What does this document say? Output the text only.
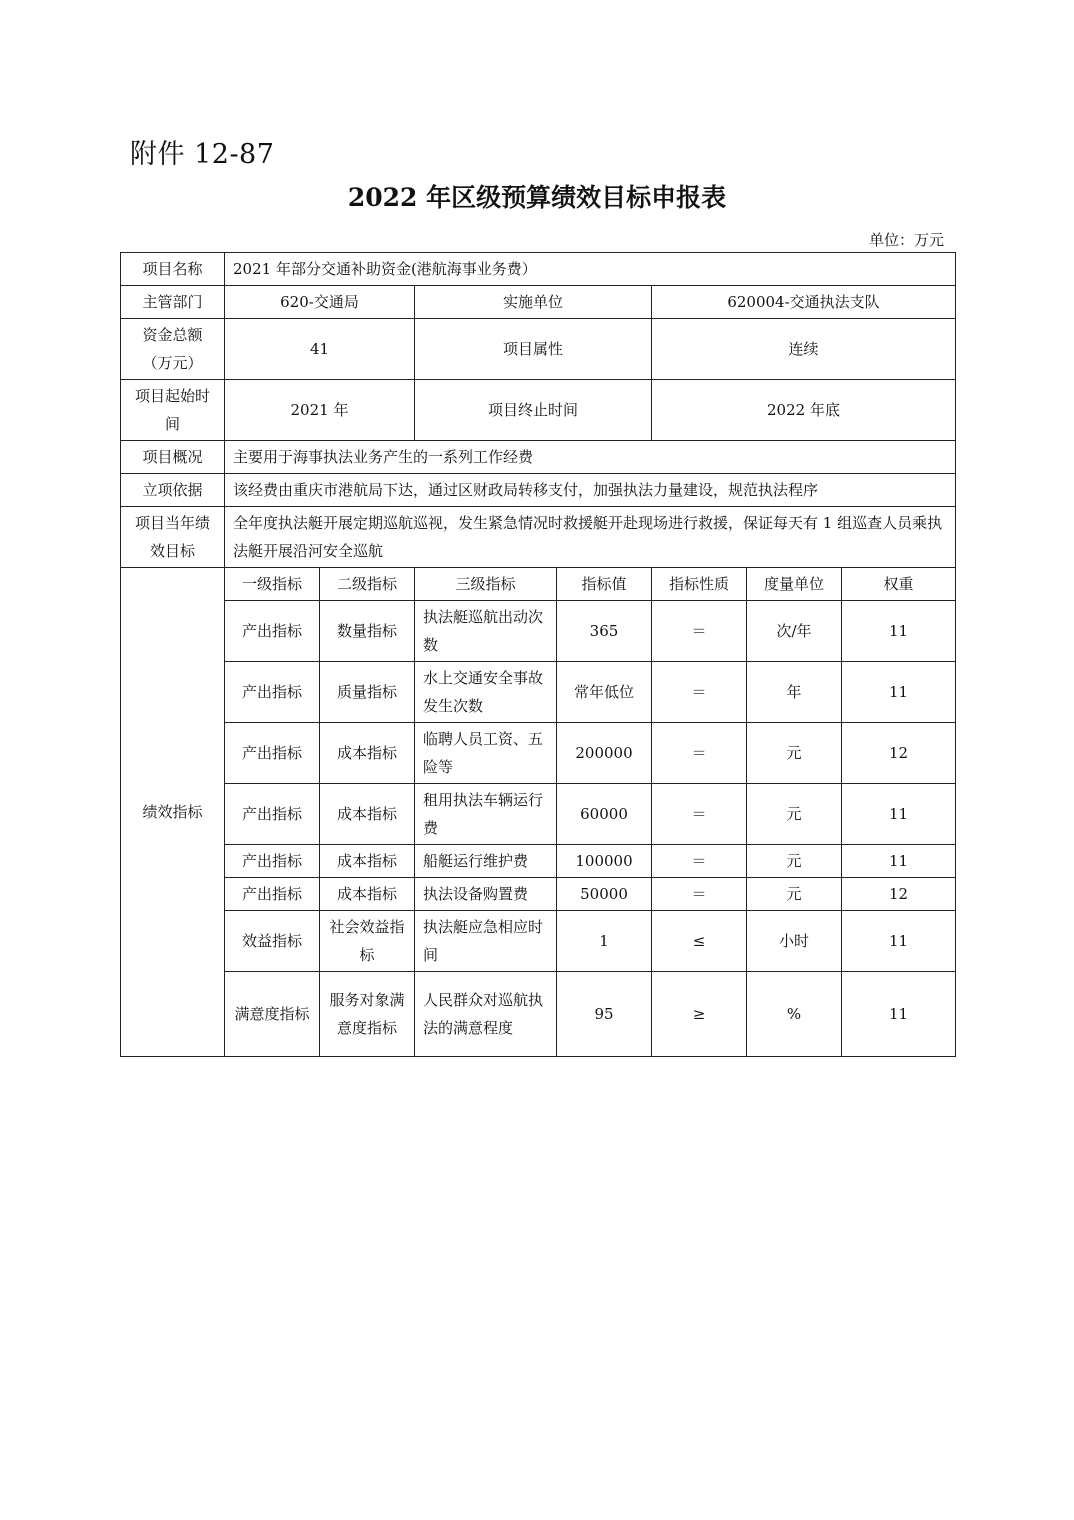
附件 12-87
2022 年区级预算绩效目标申报表
单位：万元
项目名称	2021 年部分交通补助资金(港航海事业务费）						
主管部门	620-交通局		实施单位		620004-交通执法支队		
资金总额（万元）	41		项目属性		连续		
项目起始时间	2021 年		项目终止时间		2022 年底		
项目概况	主要用于海事执法业务产生的一系列工作经费						
立项依据	该经费由重庆市港航局下达，通过区财政局转移支付，加强执法力量建设，规范执法程序						
项目当年绩效目标	全年度执法艇开展定期巡航巡视，发生紧急情况时救援艇开赴现场进行救援，保证每天有 1 组巡查人员乘执法艇开展沿河安全巡航						
绩效指标	一级指标	二级指标	三级指标	指标值	指标性质	度量单位	权重
	产出指标	数量指标	执法艇巡航出动次数	365	＝	次/年	11
	产出指标	质量指标	水上交通安全事故发生次数	常年低位	＝	年	11
	产出指标	成本指标	临聘人员工资、五险等	200000	＝	元	12
	产出指标	成本指标	租用执法车辆运行费	60000	＝	元	11
	产出指标	成本指标	船艇运行维护费	100000	＝	元	11
	产出指标	成本指标	执法设备购置费	50000	＝	元	12
	效益指标	社会效益指标	执法艇应急相应时间	1	≤	小时	11
	满意度指标	服务对象满意度指标	人民群众对巡航执法的满意程度	95	≥	%	11
